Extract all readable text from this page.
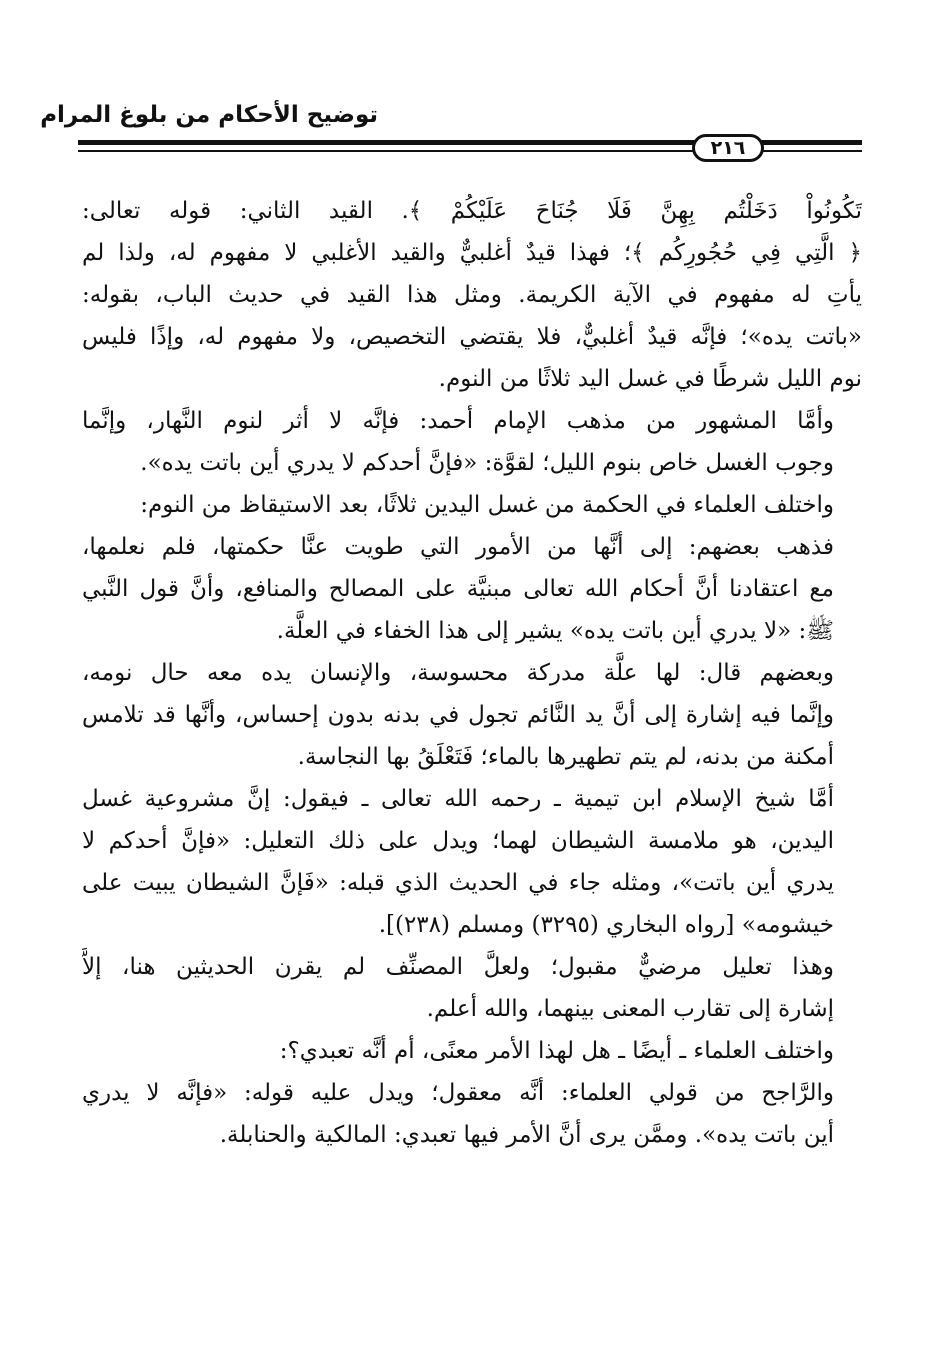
توضيح الأحكام من بلوغ المرام
٢١٦

تَكُونُواْ دَخَلْتُم بِهِنَّ فَلَا جُنَاحَ عَلَيْكُمْ ﴾. القيد الثاني: قوله تعالى:
﴿ الَّتِي فِي حُجُورِكُم ﴾؛ فهذا قيدٌ أغلبيٌّ والقيد الأغلبي لا مفهوم له، ولذا لم
يأتِ له مفهوم في الآية الكريمة. ومثل هذا القيد في حديث الباب، بقوله:
«باتت يده»؛ فإنَّه قيدٌ أغلبيٌّ، فلا يقتضي التخصيص، ولا مفهوم له، وإذًا فليس
نوم الليل شرطًا في غسل اليد ثلاثًا من النوم.

وأمَّا المشهور من مذهب الإمام أحمد: فإنَّه لا أثر لنوم النَّهار، وإنَّما
وجوب الغسل خاص بنوم الليل؛ لقوَّة: «فإنَّ أحدكم لا يدري أين باتت يده».

واختلف العلماء في الحكمة من غسل اليدين ثلاثًا، بعد الاستيقاظ من النوم:

فذهب بعضهم: إلى أنَّها من الأمور التي طويت عنَّا حكمتها، فلم نعلمها،
مع اعتقادنا أنَّ أحكام الله تعالى مبنيَّة على المصالح والمنافع، وأنَّ قول النَّبي
ﷺ: «لا يدري أين باتت يده» يشير إلى هذا الخفاء في العلَّة.

وبعضهم قال: لها علَّة مدركة محسوسة، والإنسان يده معه حال نومه،
وإنَّما فيه إشارة إلى أنَّ يد النَّائم تجول في بدنه بدون إحساس، وأنَّها قد تلامس
أمكنة من بدنه، لم يتم تطهيرها بالماء؛ فَتَعْلَقُ بها النجاسة.

أمَّا شيخ الإسلام ابن تيمية ـ رحمه الله تعالى ـ فيقول: إنَّ مشروعية غسل
اليدين، هو ملامسة الشيطان لهما؛ ويدل على ذلك التعليل: «فإنَّ أحدكم لا
يدري أين باتت»، ومثله جاء في الحديث الذي قبله: «فَإنَّ الشيطان يبيت على
خيشومه» [رواه البخاري (٣٢٩٥) ومسلم (٢٣٨)].

وهذا تعليل مرضيٌّ مقبول؛ ولعلَّ المصنِّف لم يقرن الحديثين هنا، إلاَّ
إشارة إلى تقارب المعنى بينهما، والله أعلم.

واختلف العلماء ـ أيضًا ـ هل لهذا الأمر معنًى، أم أنَّه تعبدي؟:

والرَّاجح من قولي العلماء: أنَّه معقول؛ ويدل عليه قوله: «فإنَّه لا يدري
أين باتت يده». وممَّن يرى أنَّ الأمر فيها تعبدي: المالكية والحنابلة.
